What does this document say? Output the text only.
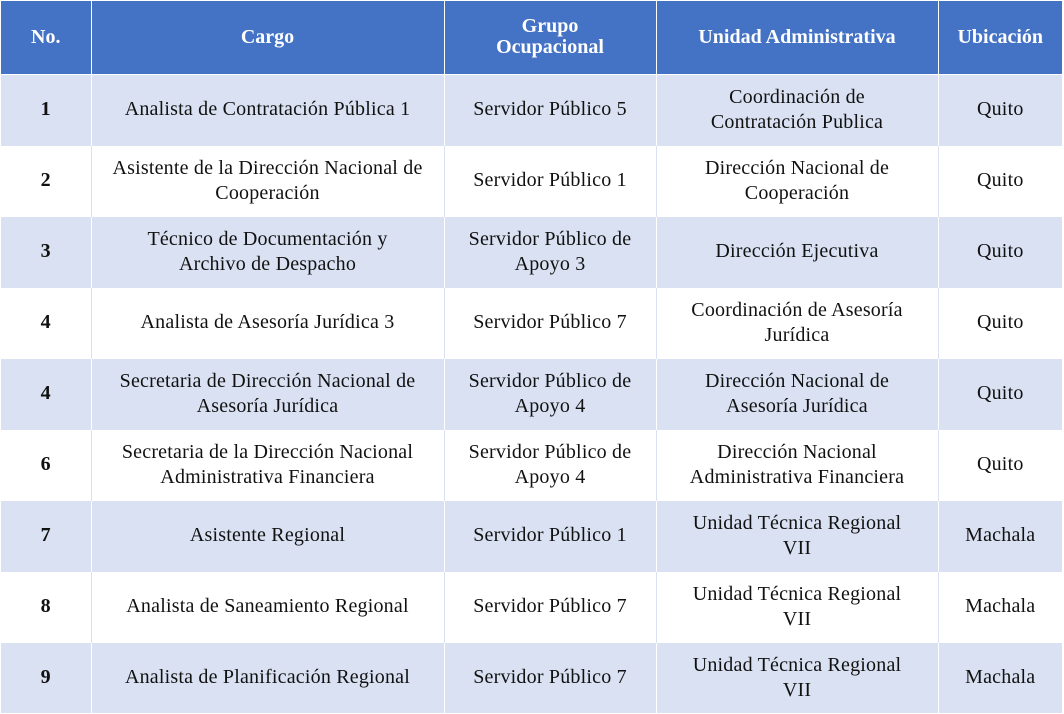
No.	Cargo	Grupo Ocupacional	Unidad Administrativa	Ubicación
1	Analista de Contratación Pública 1	Servidor Público 5	Coordinación de Contratación Publica	Quito
2	Asistente de la Dirección Nacional de Cooperación	Servidor Público 1	Dirección Nacional de Cooperación	Quito
3	Técnico de Documentación y Archivo de Despacho	Servidor Público de Apoyo 3	Dirección Ejecutiva	Quito
4	Analista de Asesoría Jurídica 3	Servidor Público 7	Coordinación de Asesoría Jurídica	Quito
4	Secretaria de Dirección Nacional de Asesoría Jurídica	Servidor Público de Apoyo 4	Dirección Nacional de Asesoría Jurídica	Quito
6	Secretaria de la Dirección Nacional Administrativa Financiera	Servidor Público de Apoyo 4	Dirección Nacional Administrativa Financiera	Quito
7	Asistente Regional	Servidor Público 1	Unidad Técnica Regional VII	Machala
8	Analista de Saneamiento Regional	Servidor Público 7	Unidad Técnica Regional VII	Machala
9	Analista de Planificación Regional	Servidor Público 7	Unidad Técnica Regional VII	Machala
